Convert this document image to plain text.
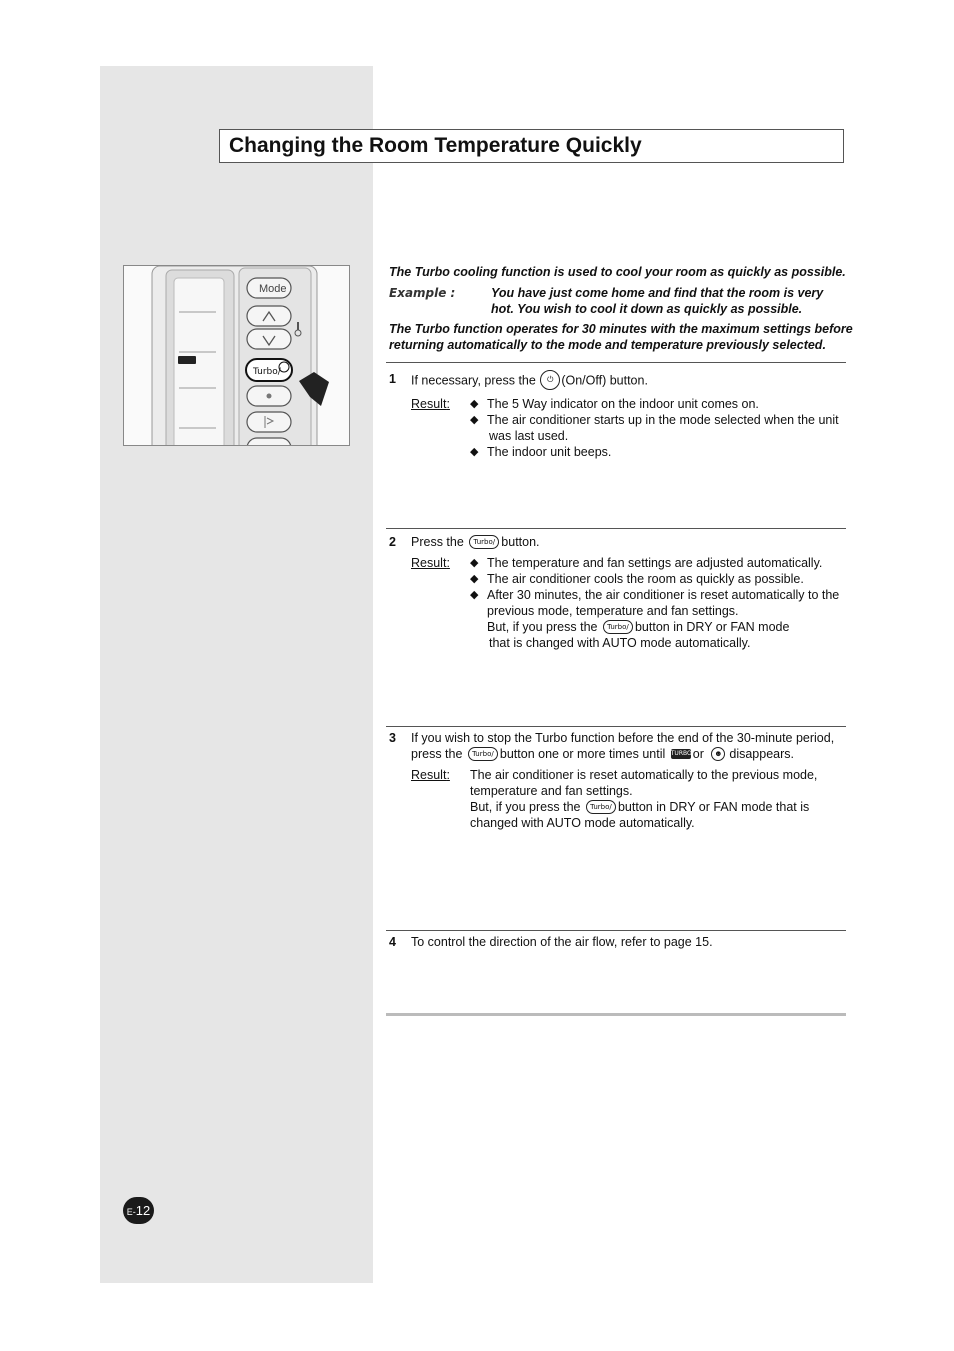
Changing the Room Temperature Quickly
Mode
Turbo/

The Turbo cooling function is used to cool your room as quickly as possible.

Example :	You have just come home and find that the room is very hot. You wish to cool it down as quickly as possible.

The Turbo function operates for 30 minutes with the maximum settings before returning automatically to the mode and temperature previously selected.

1 If necessary, press the ⏻ (On/Off) button.
Result:	◆ The 5 Way indicator on the indoor unit comes on.
◆ The air conditioner starts up in the mode selected when the unit
was last used.
◆ The indoor unit beeps.
2 Press the Turbo/ button.
Result:	◆ The temperature and fan settings are adjusted automatically.
◆ The air conditioner cools the room as quickly as possible.
◆ After 30 minutes, the air conditioner is reset automatically to the
previous mode, temperature and fan settings.
But, if you press the Turbo/ button in DRY or FAN mode
that is changed with AUTO mode automatically.
3 If you wish to stop the Turbo function before the end of the 30-minute period,
press the Turbo/ button one or more times until TURBOor ☻ disappears.
Result:	The air conditioner is reset automatically to the previous mode,
temperature and fan settings.
But, if you press the Turbo/ button in DRY or FAN mode that is
changed with AUTO mode automatically.
4 To control the direction of the air flow, refer to page 15.
E-12
